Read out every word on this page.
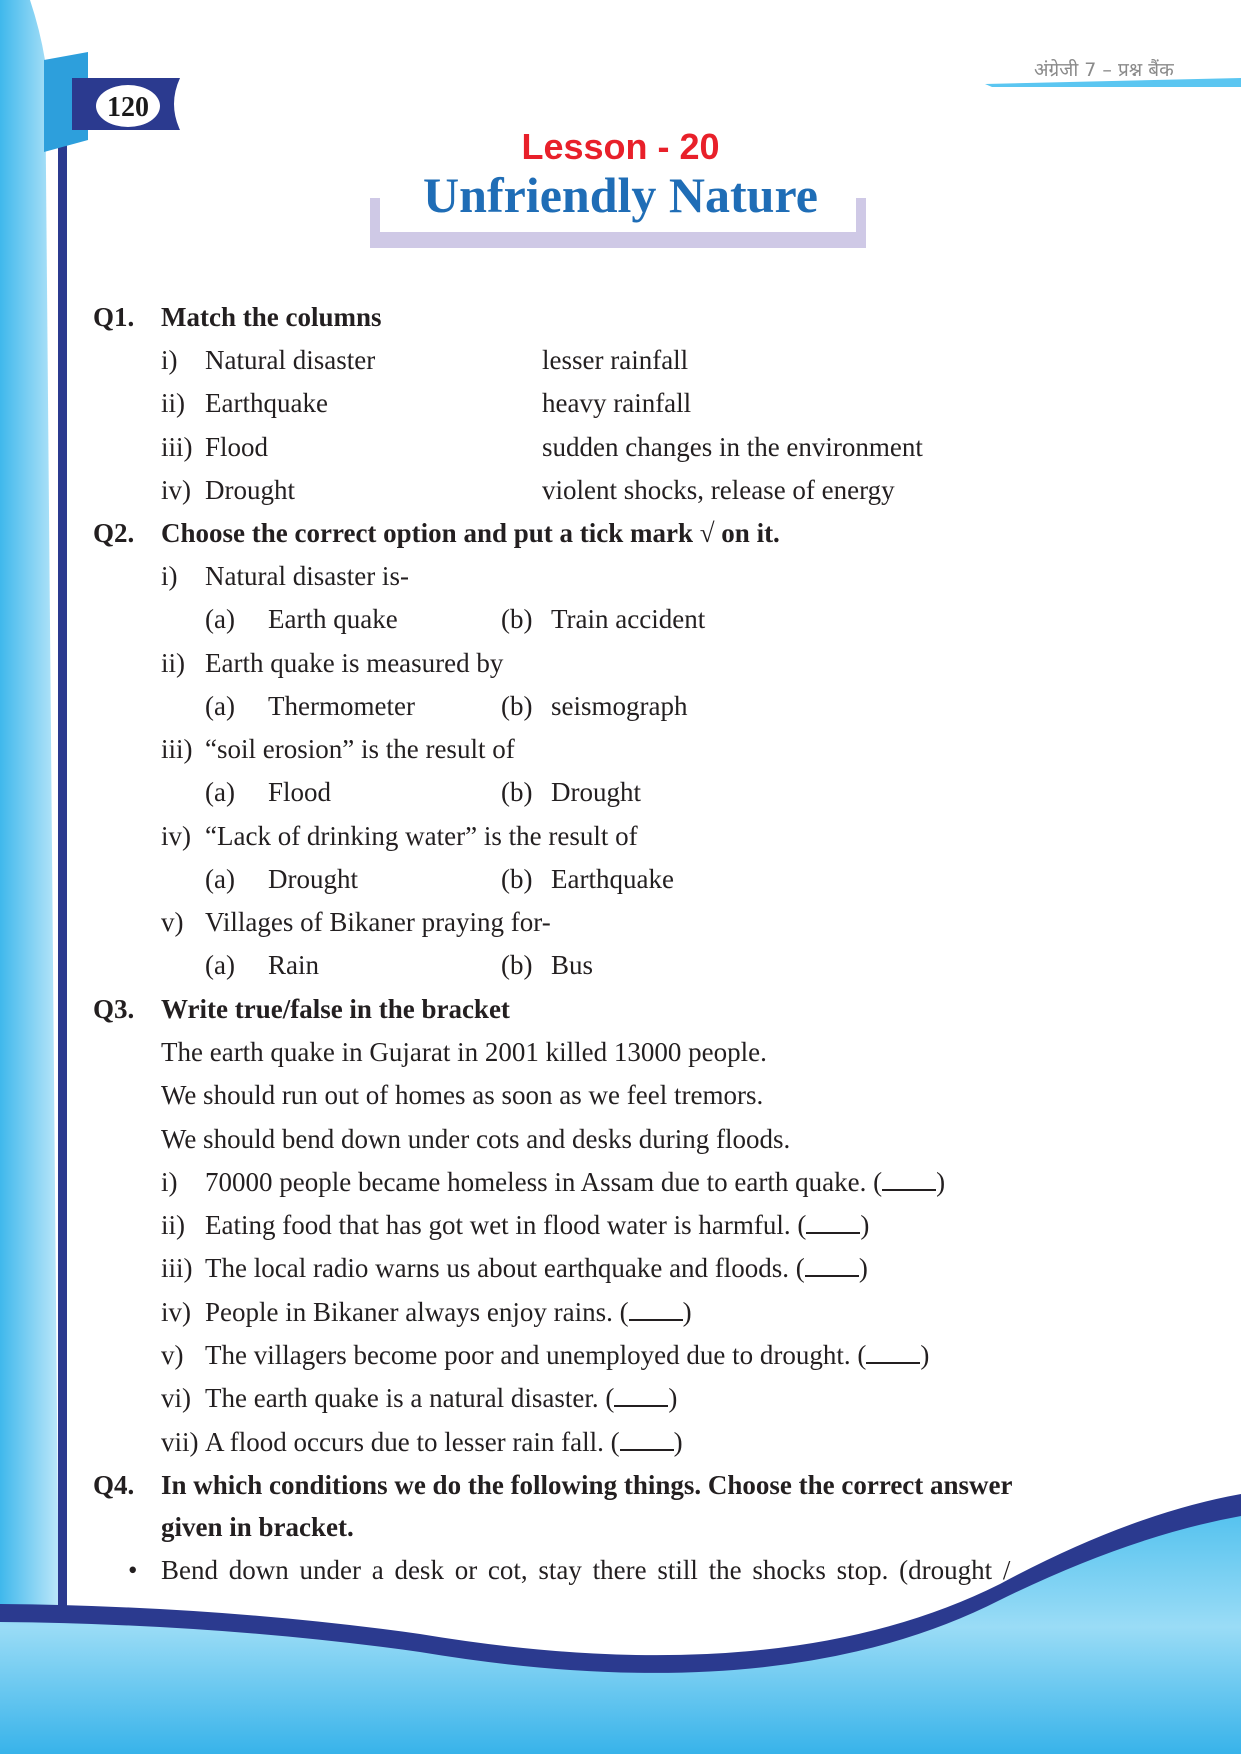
120
अंग्रेजी 7 – प्रश्न बैंक
Lesson - 20
Unfriendly Nature
Q1. Match the columns
i) Natural disaster	lesser rainfall
ii) Earthquake	heavy rainfall
iii) Flood	sudden changes in the environment
iv) Drought	violent shocks, release of energy
Q2. Choose the correct option and put a tick mark √ on it.
i) Natural disaster is-
(a) Earth quake	(b) Train accident
ii) Earth quake is measured by
(a) Thermometer	(b) seismograph
iii) “soil erosion” is the result of
(a) Flood	(b) Drought
iv) “Lack of drinking water” is the result of
(a) Drought	(b) Earthquake
v) Villages of Bikaner praying for-
(a) Rain	(b) Bus
Q3. Write true/false in the bracket
The earth quake in Gujarat in 2001 killed 13000 people.
We should run out of homes as soon as we feel tremors.
We should bend down under cots and desks during floods.
i) 70000 people became homeless in Assam due to earth quake. ( )
ii) Eating food that has got wet in flood water is harmful. ( )
iii) The local radio warns us about earthquake and floods. ( )
iv) People in Bikaner always enjoy rains. ( )
v) The villagers become poor and unemployed due to drought. ( )
vi) The earth quake is a natural disaster. ( )
vii) A flood occurs due to lesser rain fall. ( )
Q4. In which conditions we do the following things. Choose the correct answer
given in bracket.
• Bend down under a desk or cot, stay there still the shocks stop. (drought /
